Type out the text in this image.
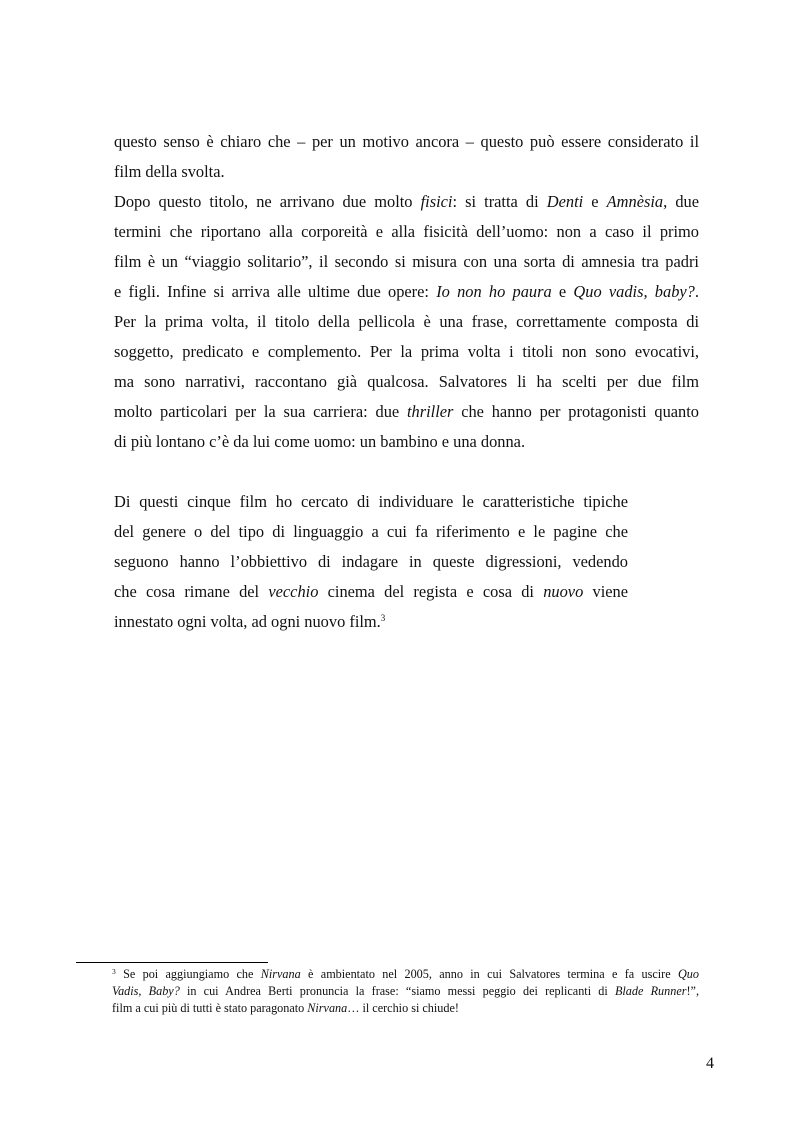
questo senso è chiaro che – per un motivo ancora – questo può essere considerato il
film della svolta.
Dopo questo titolo, ne arrivano due molto fisici: si tratta di Denti e Amnèsia, due
termini che riportano alla corporeità e alla fisicità dell’uomo: non a caso il primo
film è un “viaggio solitario”, il secondo si misura con una sorta di amnesia tra padri
e figli. Infine si arriva alle ultime due opere: Io non ho paura e Quo vadis, baby?.
Per la prima volta, il titolo della pellicola è una frase, correttamente composta di
soggetto, predicato e complemento. Per la prima volta i titoli non sono evocativi,
ma sono narrativi, raccontano già qualcosa. Salvatores li ha scelti per due film
molto particolari per la sua carriera: due thriller che hanno per protagonisti quanto
di più lontano c’è da lui come uomo: un bambino e una donna.
Di questi cinque film ho cercato di individuare le caratteristiche tipiche
del genere o del tipo di linguaggio a cui fa riferimento e le pagine che
seguono hanno l’obbiettivo di indagare in queste digressioni, vedendo
che cosa rimane del vecchio cinema del regista e cosa di nuovo viene
innestato ogni volta, ad ogni nuovo film.$^3$
$^3$ Se poi aggiungiamo che Nirvana è ambientato nel 2005, anno in cui Salvatores termina e fa uscire Quo
Vadis, Baby? in cui Andrea Berti pronuncia la frase: “siamo messi peggio dei replicanti di Blade Runner!”,
film a cui più di tutti è stato paragonato Nirvana… il cerchio si chiude!
4
